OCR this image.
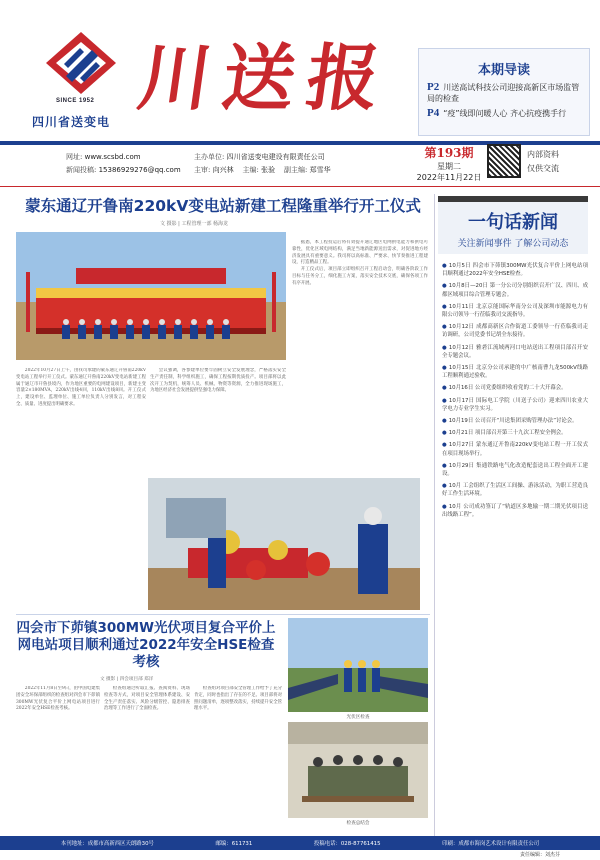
SINCE 1952
四川省送变电
川送报	本期导读
P2 川送高试科技公司迎接高新区市场监管局的检查
P4 “疫”线即问暖人心 齐心抗疫携手行
网址: www.scsbd.com
新闻投稿: 15386929276@qq.com
主办单位: 四川省送变电建设有限责任公司
主审: 向兴林 主编: 张验 副主编: 郑雪华
第193期
星期二
2022年11月22日
内部资料
仅供交流
蒙东通辽开鲁南220kV变电站新建工程隆重举行开工仪式
文 摄影 | 工程管理一部 杨海龙

2022年10月27日上午，由我司承建的蒙东通辽开鲁南220kV变电站工程举行开工仪式。蒙东通辽开鲁南220kV变电站新建工程属于通辽市开鲁县境内，作为地区重要的电网建设项目，新建主变容量2×180MVA，220kV出线4回，110kV出线8回。开工仪式上，建设单位、监理单位、施工单位负责人分别发言，对工程安全、质量、进度提出明确要求。

会议强调，各参建单位要牢固树立安全发展理念，严格落实安全生产责任制，科学组织施工，确保工程按期优质投产。项目部将以此次开工为契机，统筹人员、机械、物资等资源，全力推进现场施工，为地区经济社会发展提供坚强电力保障。

据悉，本工程投运后将有效提升通辽地区电网供电能力和供电可靠性，优化区域电网结构，满足当地新能源送出需求，对促进地方经济发展具有重要意义。我司将以高标准、严要求、快节奏推进工程建设，打造精品工程。

开工仪式后，项目部立即组织召开工程启动会，明确各阶段工作目标与任务分工，细化施工方案，落实安全技术交底，确保各项工作有序开展。

一句话新闻
关注新闻事件 了解公司动态
● 10月5日 四会市下茆镇300MW光伏复合平价上网电站项目顺利通过2022年安全HSE检查。
● 10月8日—20日 第一分公司分别组织召开广汉、四川、成都区域项目综合管理专题会。
● 10月11日 北京京能国际华南分公司及深圳市能源电力有限公司领导一行莅临我司交流指导。
● 10月12日 成都高新区合作街道工委领导一行莅临我司走访调研，公司党委书记胡全东接待。
● 10月12日 雅砻江流域两河口电站送出工程项目部召开安全专题会议。
● 10月15日 北京分公司承建的中广核南曹九龙500kV线路工程顺利通过验收。
● 10月16日 公司党委组织收看党的二十大开幕会。
● 10月17日 国际电工学院（川送子公司）迎来四川农业大学电力专业学生实习。
● 10月19日 公司召开“川送集团采购管理办法”讨论会。
● 10月21日 项目部召开第三十九次工程安全例会。
● 10月27日 蒙东通辽开鲁南220kV变电站工程一开工仪式在项目现场举行。
● 10月29日 集通铁路电气化改造配套送出工程全面开工建设。
● 10月 工会组织了生活区工间操、游泳活动，为职工营造良好工作生活环境。
● 10月 公司成功签订了“轨道区多地输一期二期光伏项目送出线路工程”。
四会市下茆镇300MW光伏项目复合平价上网电站项目顺利通过2022年安全HSE检查考核
文 摄影 | 四会项目部 郑洋

2022年11月8日至9日，由中国电建集团安全环保部组织的检查组对四会市下茆镇300MW光伏复合平价上网电站项目进行2022年安全HSE检查考核。

检查组通过听取汇报、查阅资料、现场检查等方式，对项目安全管理体系建设、安全生产责任落实、风险分级管控、隐患排查治理等工作进行了全面检查。

检查组对项目部安全管理工作给予了充分肯定，同时也指出了存在的不足。项目部将对照问题清单，逐项整改落实，持续提升安全管理水平。

光伏区检查
检查总结会
本刊地址：成都市高新西区天朗路30号	邮编：611731	投稿电话：028-87761415	印刷：成都市海岗艺术设计有限责任公司
责任编辑：刘杰芬
